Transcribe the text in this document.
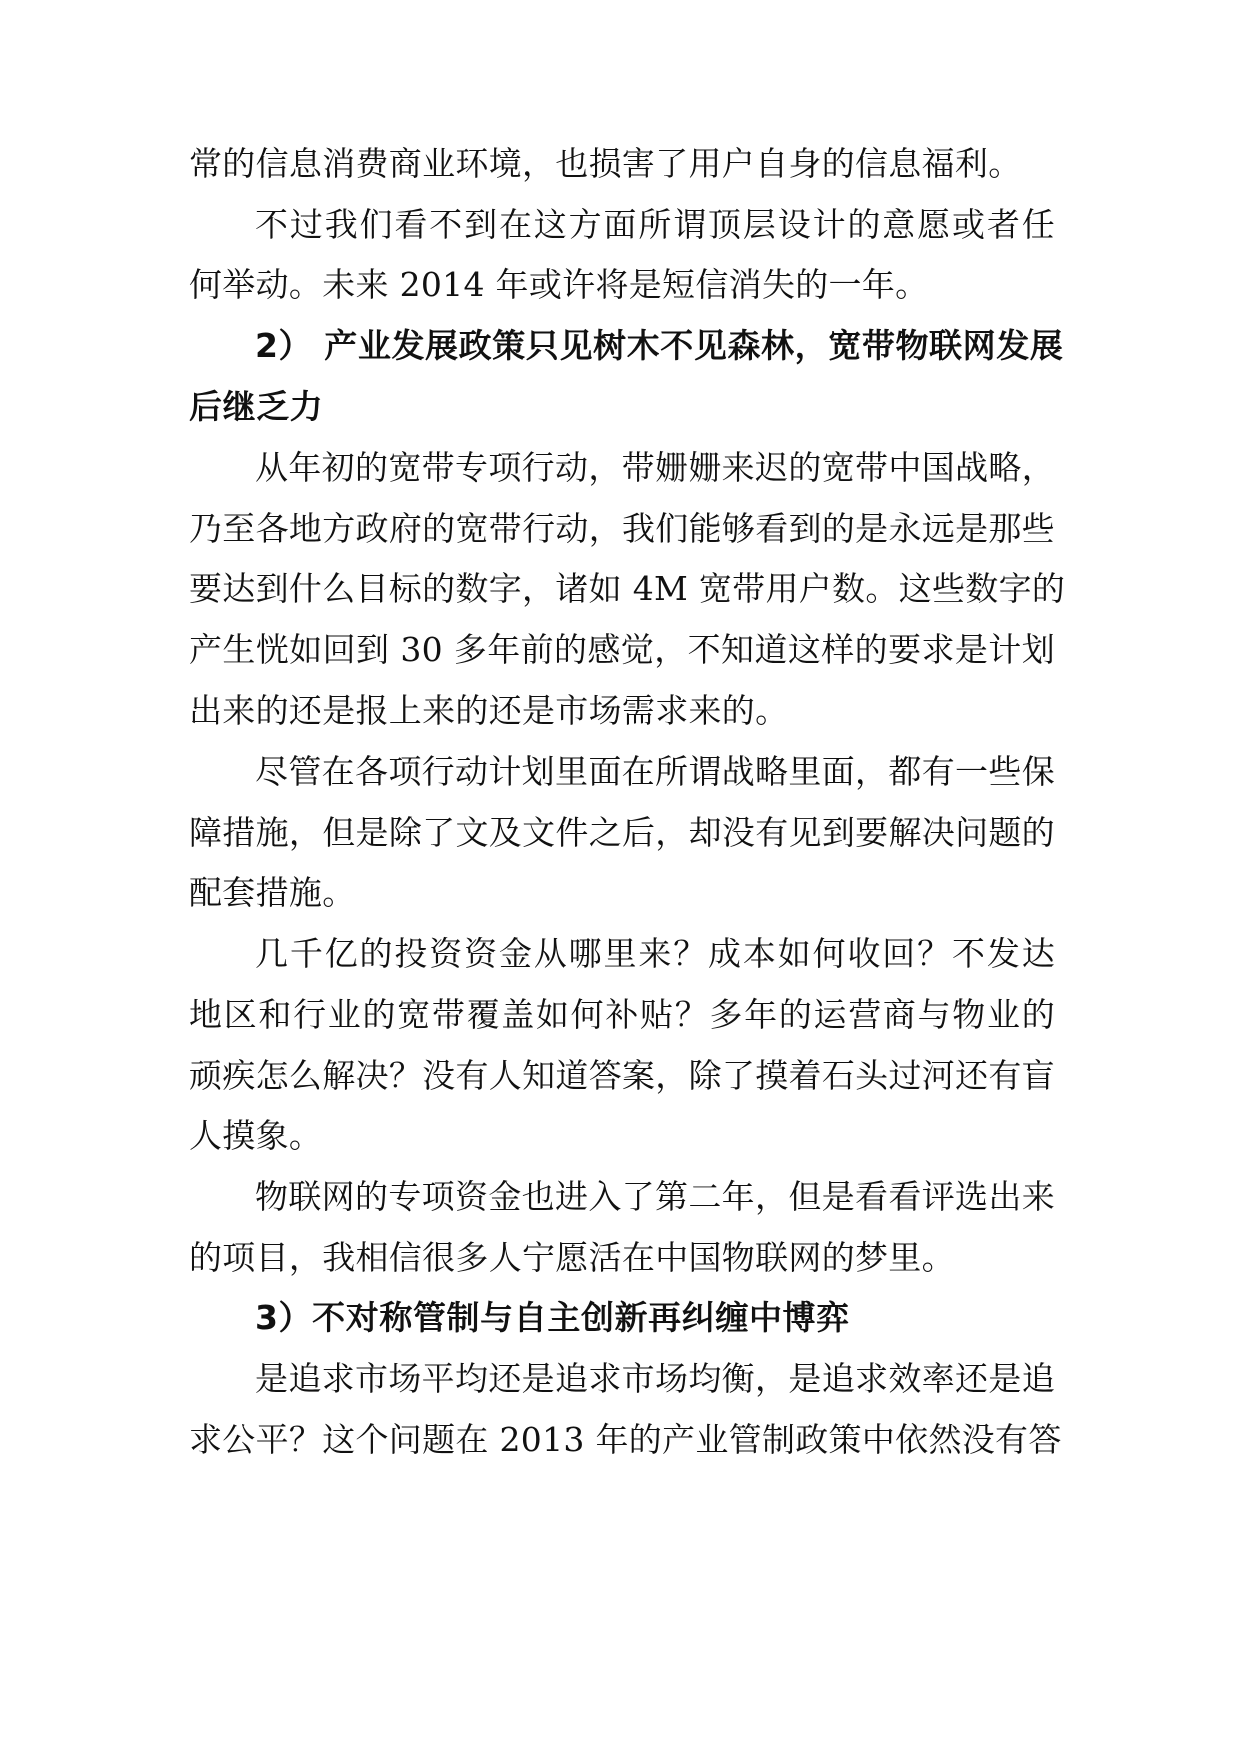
常的信息消费商业环境，也损害了用户自身的信息福利。
不过我们看不到在这方面所谓顶层设计的意愿或者任
何举动。未来 2014 年或许将是短信消失的一年。
2） 产业发展政策只见树木不见森林，宽带物联网发展
后继乏力
从年初的宽带专项行动，带姗姗来迟的宽带中国战略，
乃至各地方政府的宽带行动，我们能够看到的是永远是那些
要达到什么目标的数字，诸如 4M 宽带用户数。这些数字的
产生恍如回到 30 多年前的感觉，不知道这样的要求是计划
出来的还是报上来的还是市场需求来的。
尽管在各项行动计划里面在所谓战略里面，都有一些保
障措施，但是除了文及文件之后，却没有见到要解决问题的
配套措施。
几千亿的投资资金从哪里来？成本如何收回？不发达
地区和行业的宽带覆盖如何补贴？多年的运营商与物业的
顽疾怎么解决？没有人知道答案，除了摸着石头过河还有盲
人摸象。
物联网的专项资金也进入了第二年，但是看看评选出来
的项目，我相信很多人宁愿活在中国物联网的梦里。
3）不对称管制与自主创新再纠缠中博弈
是追求市场平均还是追求市场均衡，是追求效率还是追
求公平？这个问题在 2013 年的产业管制政策中依然没有答
